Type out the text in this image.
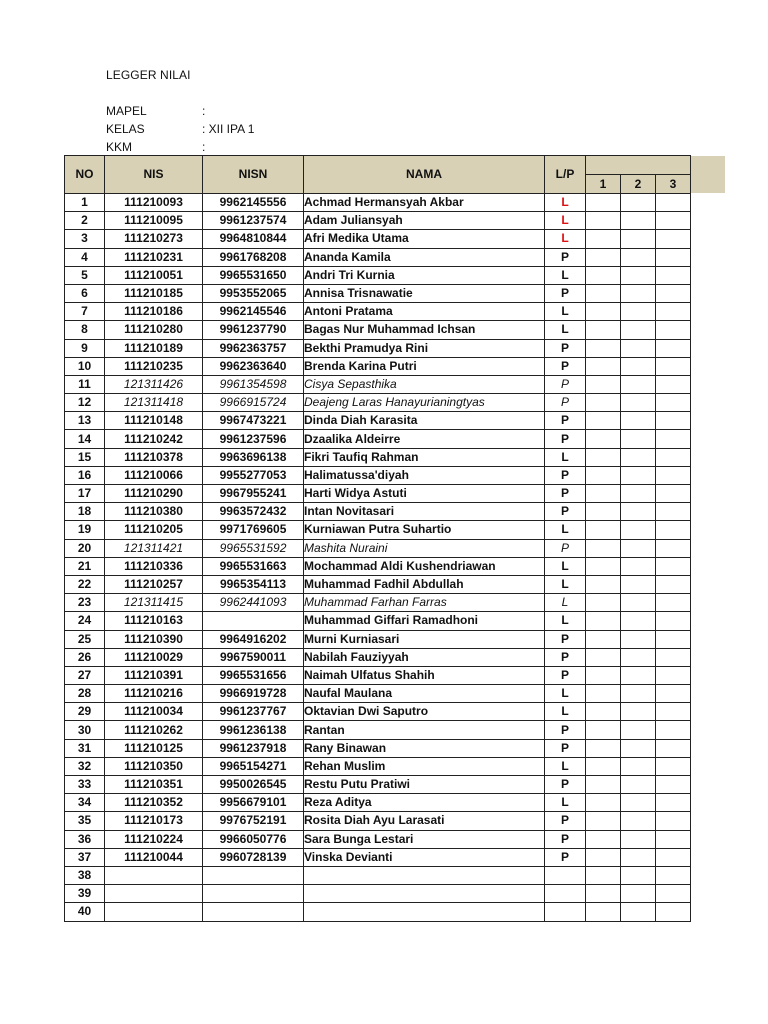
LEGGER NILAI
MAPEL	:
KELAS	: XII IPA 1
KKM	:
NO	NIS	NISN	NAMA	L/P			
					1	2	3
1	111210093	9962145556	Achmad Hermansyah Akbar	L			
2	111210095	9961237574	Adam Juliansyah	L			
3	111210273	9964810844	Afri Medika Utama	L			
4	111210231	9961768208	Ananda Kamila	P			
5	111210051	9965531650	Andri Tri Kurnia	L			
6	111210185	9953552065	Annisa Trisnawatie	P			
7	111210186	9962145546	Antoni Pratama	L			
8	111210280	9961237790	Bagas Nur Muhammad Ichsan	L			
9	111210189	9962363757	Bekthi Pramudya Rini	P			
10	111210235	9962363640	Brenda Karina Putri	P			
11	121311426	9961354598	Cisya Sepasthika	P			
12	121311418	9966915724	Deajeng Laras Hanayurianingtyas	P			
13	111210148	9967473221	Dinda Diah Karasita	P			
14	111210242	9961237596	Dzaalika Aldeirre	P			
15	111210378	9963696138	Fikri Taufiq Rahman	L			
16	111210066	9955277053	Halimatussa'diyah	P			
17	111210290	9967955241	Harti Widya Astuti	P			
18	111210380	9963572432	Intan Novitasari	P			
19	111210205	9971769605	Kurniawan Putra Suhartio	L			
20	121311421	9965531592	Mashita Nuraini	P			
21	111210336	9965531663	Mochammad Aldi Kushendriawan	L			
22	111210257	9965354113	Muhammad Fadhil Abdullah	L			
23	121311415	9962441093	Muhammad Farhan Farras	L			
24	111210163		Muhammad Giffari Ramadhoni	L			
25	111210390	9964916202	Murni Kurniasari	P			
26	111210029	9967590011	Nabilah Fauziyyah	P			
27	111210391	9965531656	Naimah Ulfatus Shahih	P			
28	111210216	9966919728	Naufal Maulana	L			
29	111210034	9961237767	Oktavian Dwi Saputro	L			
30	111210262	9961236138	Rantan	P			
31	111210125	9961237918	Rany Binawan	P			
32	111210350	9965154271	Rehan Muslim	L			
33	111210351	9950026545	Restu Putu Pratiwi	P			
34	111210352	9956679101	Reza Aditya	L			
35	111210173	9976752191	Rosita Diah Ayu Larasati	P			
36	111210224	9966050776	Sara Bunga Lestari	P			
37	111210044	9960728139	Vinska Devianti	P			
38							
39							
40							
